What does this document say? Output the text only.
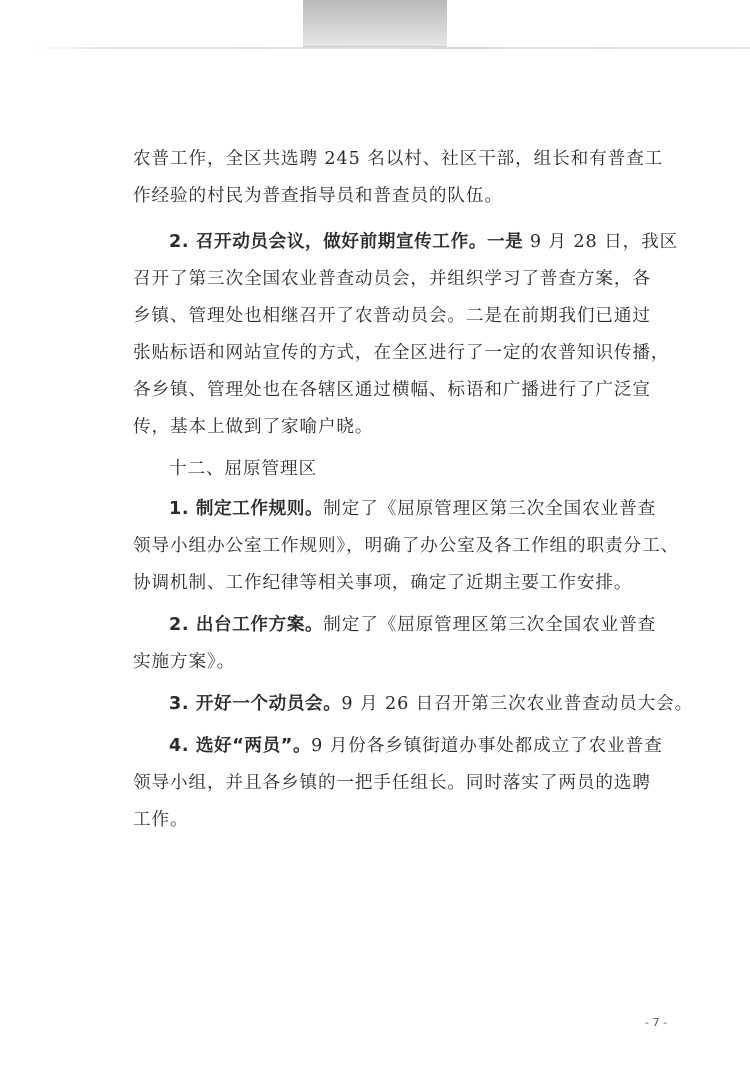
农普工作，全区共选聘 245 名以村、社区干部，组长和有普查工
作经验的村民为普查指导员和普查员的队伍。
2. 召开动员会议，做好前期宣传工作。一是 9 月 28 日，我区
召开了第三次全国农业普查动员会，并组织学习了普查方案，各
乡镇、管理处也相继召开了农普动员会。二是在前期我们已通过
张贴标语和网站宣传的方式，在全区进行了一定的农普知识传播，
各乡镇、管理处也在各辖区通过横幅、标语和广播进行了广泛宣
传，基本上做到了家喻户晓。
十二、屈原管理区
1. 制定工作规则。制定了《屈原管理区第三次全国农业普查
领导小组办公室工作规则》，明确了办公室及各工作组的职责分工、
协调机制、工作纪律等相关事项，确定了近期主要工作安排。
2. 出台工作方案。制定了《屈原管理区第三次全国农业普查
实施方案》。
3. 开好一个动员会。9 月 26 日召开第三次农业普查动员大会。
4. 选好“两员”。9 月份各乡镇街道办事处都成立了农业普查
领导小组，并且各乡镇的一把手任组长。同时落实了两员的选聘
工作。
- 7 -
